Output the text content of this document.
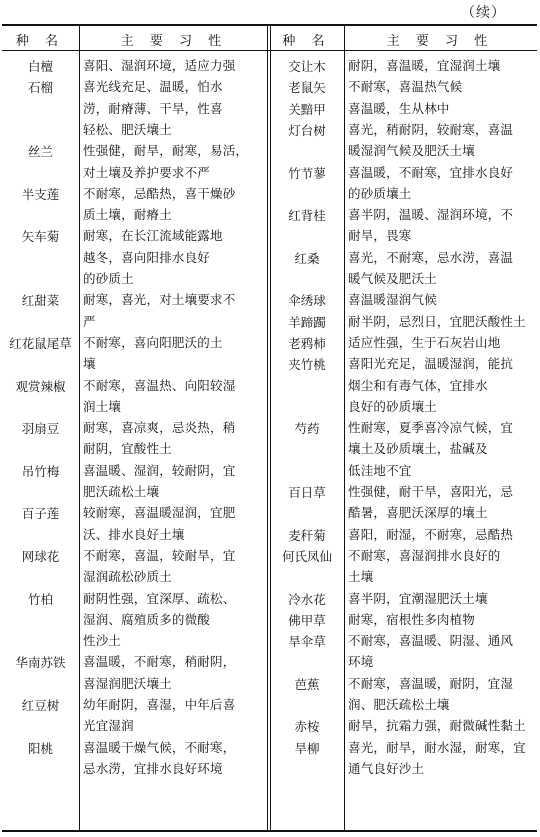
（续）
种 名	主 要 习 性	种 名	主 要 习 性
白檀	喜阳、湿润环境，适应力强
石榴	喜光线充足、温暖，怕水
涝，耐瘠薄、干旱，性喜
轻松、肥沃壤土
丝兰	性强健，耐旱，耐寒，易活，
对土壤及养护要求不严
半支莲	不耐寒，忌酷热，喜干燥砂
质土壤，耐瘠土
矢车菊	耐寒，在长江流域能露地
越冬，喜向阳排水良好
的砂质土
红甜菜	耐寒，喜光，对土壤要求不
严
红花鼠尾草 不耐寒，喜向阳肥沃的土
壤
观赏辣椒	不耐寒，喜温热、向阳较湿
润土壤
羽扇豆	耐寒，喜凉爽，忌炎热，稍
耐阴，宜酸性土
吊竹梅	喜温暖、湿润，较耐阴，宜
肥沃疏松土壤
百子莲	较耐寒，喜温暖湿润，宜肥
沃、排水良好土壤
网球花	不耐寒，喜温，较耐旱，宜
湿润疏松砂质土
竹柏	耐阴性强，宜深厚、疏松、
湿润、腐殖质多的微酸
性沙土
华南苏铁	喜温暖，不耐寒，稍耐阴，
喜湿润肥沃壤土
红豆树	幼年耐阴，喜湿，中年后喜
光宜湿润
阳桃	喜温暖干燥气候，不耐寒，
忌水涝，宜排水良好环境
交让木	耐阴，喜温暖，宜湿润土壤
老鼠矢	不耐寒，喜温热气候
关黯甲	喜温暖，生从林中
灯台树	喜光，稍耐阴，较耐寒，喜温
暖湿润气候及肥沃土壤
竹节蓼	喜温暖，不耐寒，宜排水良好
的砂质壤土
红背桂	喜半阴，温暖、湿润环境，不
耐旱，畏寒
红桑	喜光，不耐寒，忌水涝，喜温
暖气候及肥沃土
伞绣球	喜温暖湿润气候
羊蹄躅	耐半阴，忌烈日，宜肥沃酸性土
老鸦柿	适应性强，生于石灰岩山地
夹竹桃	喜阳光充足，温暖湿润，能抗
烟尘和有毒气体，宜排水
良好的砂质壤土
芍药	性耐寒，夏季喜冷凉气候，宜
壤土及砂质壤土，盐碱及
低洼地不宜
百日草	性强健，耐干旱，喜阳光，忌
酷暑，喜肥沃深厚的壤土
麦秆菊	喜阳，耐湿，不耐寒，忌酷热
何氏凤仙	不耐寒，喜湿润排水良好的
土壤
冷水花	喜半阴，宜潮湿肥沃土壤
佛甲草	耐寒，宿根性多肉植物
旱伞草	不耐寒，喜温暖、阴湿、通风
环境
芭蕉	不耐寒，喜温暖，耐阴，宜湿
润、肥沃疏松土壤
赤桉	耐旱，抗霜力强，耐微碱性黏土
旱柳	喜光，耐旱，耐水湿，耐寒，宜
通气良好沙土
